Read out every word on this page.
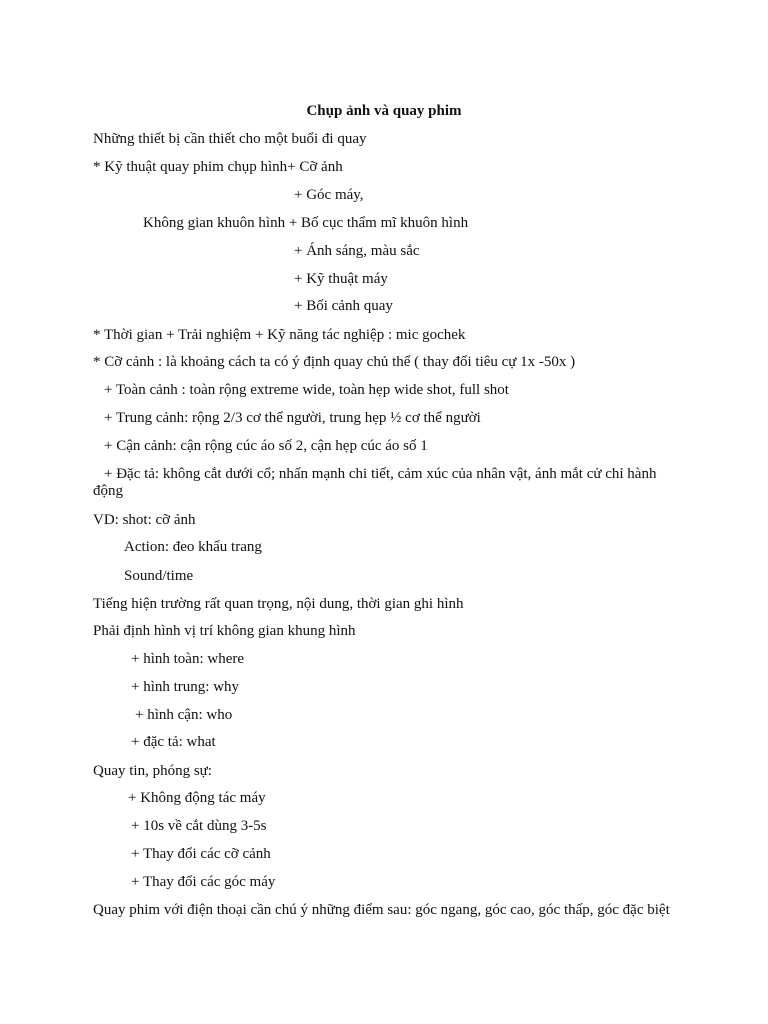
Chụp ảnh và quay phim
Những thiết bị cần thiết cho một buổi đi quay
* Kỹ thuật quay phim chụp hình+ Cỡ ảnh
+ Góc máy,
Không gian khuôn hình + Bố cục thẩm mĩ khuôn hình
+ Ánh sáng, màu sắc
+ Kỹ thuật máy
+ Bối cảnh quay
* Thời gian + Trải nghiệm + Kỹ năng tác nghiệp : mic gochek
* Cỡ cảnh : là khoảng cách ta có ý định quay chủ thể ( thay đổi tiêu cự 1x -50x )
+ Toàn cảnh : toàn rộng extreme wide, toàn hẹp wide shot, full shot
+ Trung cảnh: rộng 2/3 cơ thể người, trung hẹp ½ cơ thể người
+ Cận cảnh: cận rộng cúc áo số 2, cận hẹp cúc áo số 1
+ Đặc tả: không cắt dưới cổ; nhấn mạnh chi tiết, cảm xúc của nhân vật, ánh mắt cử chỉ hành động
VD: shot: cỡ ảnh
Action: đeo khẩu trang
Sound/time
Tiếng hiện trường rất quan trọng, nội dung, thời gian ghi hình
Phải định hình vị trí không gian khung hình
+ hình toàn: where
+ hình trung: why
+ hình cận: who
+ đặc tả: what
Quay tin, phóng sự:
+ Không động tác máy
+ 10s về cắt dùng 3-5s
+ Thay đổi các cỡ cảnh
+ Thay đổi các góc máy
Quay phim với điện thoại cần chú ý những điểm sau: góc ngang, góc cao, góc thấp, góc đặc biệt
